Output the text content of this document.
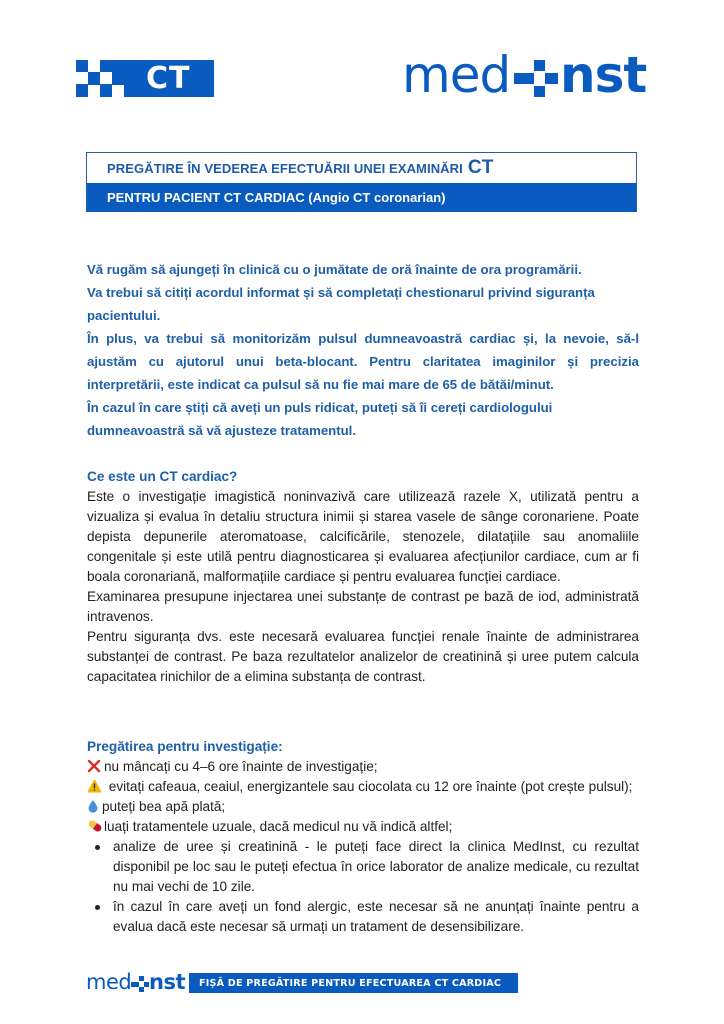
CT	med nst
PREGĂTIRE ÎN VEDEREA EFECTUĂRII UNEI EXAMINĂRI CT
PENTRU PACIENT CT CARDIAC (Angio CT coronarian)

Vă rugăm să ajungeți în clinică cu o jumătate de oră înainte de ora programării.

Va trebui să citiți acordul informat și să completați chestionarul privind siguranța pacientului.

În plus, va trebui să monitorizăm pulsul dumneavoastră cardiac și, la nevoie, să-l ajustăm cu ajutorul unui beta-blocant. Pentru claritatea imaginilor și precizia interpretării, este indicat ca pulsul să nu fie mai mare de 65 de bătăi/minut.

În cazul în care știți că aveți un puls ridicat, puteți să îi cereți cardiologului dumneavoastră să vă ajusteze tratamentul.

Ce este un CT cardiac?

Este o investigație imagistică noninvazivă care utilizează razele X, utilizată pentru a vizualiza și evalua în detaliu structura inimii și starea vasele de sânge coronariene. Poate depista depunerile ateromatoase, calcificările, stenozele, dilatațiile sau anomaliile congenitale și este utilă pentru diagnosticarea și evaluarea afecțiunilor cardiace, cum ar fi boala coronariană, malformațiile cardiace și pentru evaluarea funcției cardiace.

Examinarea presupune injectarea unei substanțe de contrast pe bază de iod, administrată intravenos.

Pentru siguranța dvs. este necesară evaluarea funcției renale înainte de administrarea substanței de contrast. Pe baza rezultatelor analizelor de creatinină și uree putem calcula capacitatea rinichilor de a elimina substanța de contrast.

Pregătirea pentru investigație:

nu mâncați cu 4–6 ore înainte de investigație;

evitați cafeaua, ceaiul, energizantele sau ciocolata cu 12 ore înainte (pot crește pulsul);

puteți bea apă plată;

luați tratamentele uzuale, dacă medicul nu vă indică altfel;

analize de uree și creatinină - le puteți face direct la clinica MedInst, cu rezultat disponibil pe loc sau le puteți efectua în orice laborator de analize medicale, cu rezultat nu mai vechi de 10 zile.
în cazul în care aveți un fond alergic, este necesar să ne anunțați înainte pentru a evalua dacă este necesar să urmați un tratament de desensibilizare.
med nst FIȘĂ DE PREGĂTIRE PENTRU EFECTUAREA CT CARDIAC
